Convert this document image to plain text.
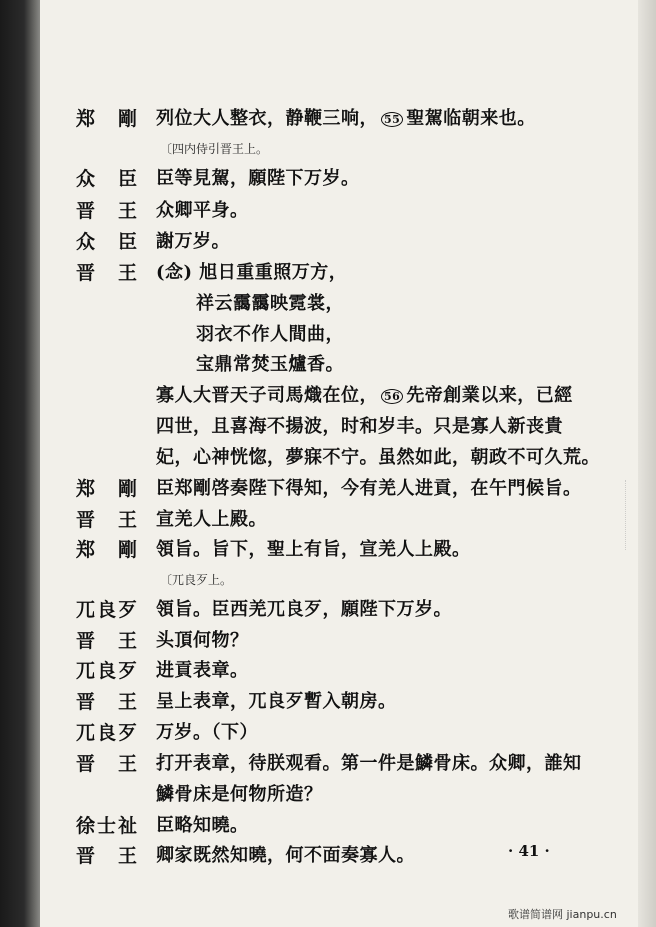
郑　剛 列位大人整衣，静鞭三响， 55 聖駕临朝来也。
〔四内侍引晋王上。
众　臣 臣等見駕，願陛下万岁。
晋　王 众卿平身。
众　臣 謝万岁。
晋　王 (念) 旭日重重照万方，
祥云靄靄映霓裳，
羽衣不作人間曲，
宝鼎常焚玉爐香。
寡人大晋天子司馬熾在位， 56 先帝創業以来，已經
四世，且喜海不揚波，时和岁丰。只是寡人新丧貴
妃，心神恍惚，夢寐不宁。虽然如此，朝政不可久荒。
郑　剛 臣郑剛啓奏陛下得知，今有羌人进貢，在午門候旨。
晋　王 宣羌人上殿。
郑　剛 領旨。旨下，聖上有旨，宣羌人上殿。
〔兀良歹上。
兀良歹 領旨。臣西羌兀良歹，願陛下万岁。
晋　王 头頂何物？
兀良歹 进貢表章。
晋　王 呈上表章，兀良歹暫入朝房。
兀良歹 万岁。（下）
晋　王 打开表章，待朕观看。第一件是鱗骨床。众卿，誰知
鱗骨床是何物所造？
徐士祉 臣略知曉。
晋　王 卿家既然知曉，何不面奏寡人。	· 41 ·
歌谱简谱网 jianpu.cn
